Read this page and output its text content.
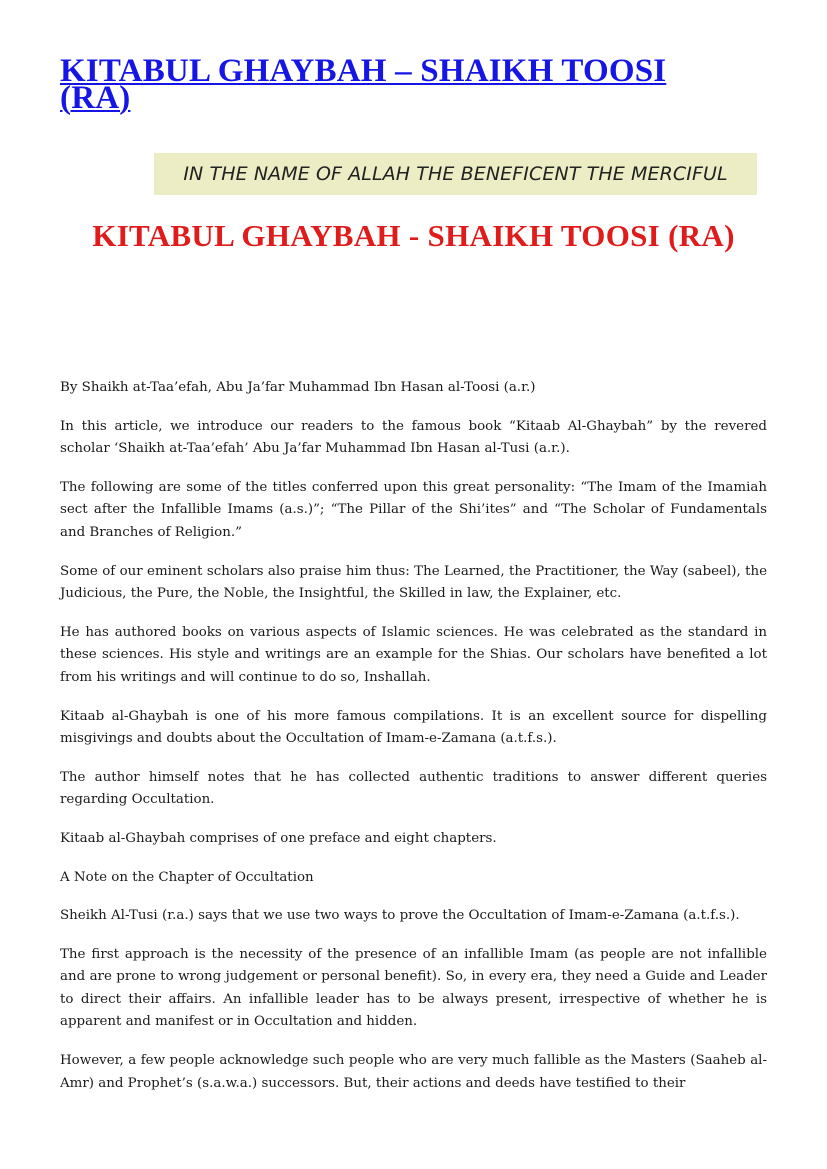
KITABUL GHAYBAH – SHAIKH TOOSI (RA)
IN THE NAME OF ALLAH THE BENEFICENT THE MERCIFUL
KITABUL GHAYBAH - SHAIKH TOOSI (RA)

By Shaikh at-Taa’efah, Abu Ja’far Muhammad Ibn Hasan al-Toosi (a.r.)

In this article, we introduce our readers to the famous book “Kitaab Al-Ghaybah” by the revered scholar ‘Shaikh at-Taa’efah’ Abu Ja’far Muhammad Ibn Hasan al-Tusi (a.r.).

The following are some of the titles conferred upon this great personality: “The Imam of the Imamiah sect after the Infallible Imams (a.s.)”; “The Pillar of the Shi’ites” and “The Scholar of Fundamentals and Branches of Religion.”

Some of our eminent scholars also praise him thus: The Learned, the Practitioner, the Way (sabeel), the Judicious, the Pure, the Noble, the Insightful, the Skilled in law, the Explainer, etc.

He has authored books on various aspects of Islamic sciences. He was celebrated as the standard in these sciences. His style and writings are an example for the Shias. Our scholars have benefited a lot from his writings and will continue to do so, Inshallah.

Kitaab al-Ghaybah is one of his more famous compilations. It is an excellent source for dispelling misgivings and doubts about the Occultation of Imam-e-Zamana (a.t.f.s.).

The author himself notes that he has collected authentic traditions to answer different queries regarding Occultation.

Kitaab al-Ghaybah comprises of one preface and eight chapters.

A Note on the Chapter of Occultation

Sheikh Al-Tusi (r.a.) says that we use two ways to prove the Occultation of Imam-e-Zamana (a.t.f.s.).

The first approach is the necessity of the presence of an infallible Imam (as people are not infallible and are prone to wrong judgement or personal benefit). So, in every era, they need a Guide and Leader to direct their affairs. An infallible leader has to be always present, irrespective of whether he is apparent and manifest or in Occultation and hidden.

However, a few people acknowledge such people who are very much fallible as the Masters (Saaheb al-Amr) and Prophet’s (s.a.w.a.) successors. But, their actions and deeds have testified to their
